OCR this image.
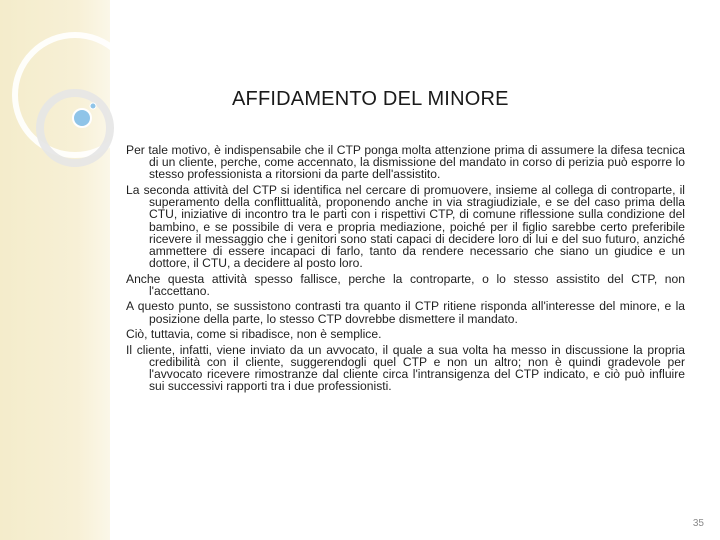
AFFIDAMENTO DEL MINORE

Per tale motivo, è indispensabile che il CTP ponga molta attenzione prima di assumere la difesa tecnica di un cliente, perche, come accennato, la dismissione del mandato in corso di perizia può esporre lo stesso professionista a ritorsioni da parte dell'assistito.

La seconda attività del CTP si identifica nel cercare di promuovere, insieme al collega di controparte, il superamento della conflittualità, proponendo anche in via stragiudiziale, e se del caso prima della CTU, iniziative di incontro tra le parti con i rispettivi CTP, di comune riflessione sulla condizione del bambino, e se possibile di vera e propria mediazione, poiché per il figlio sarebbe certo preferibile ricevere il messaggio che i genitori sono stati capaci di decidere loro di lui e del suo futuro, anziché ammettere di essere incapaci di farlo, tanto da rendere necessario che siano un giudice e un dottore, il CTU, a decidere al posto loro.

Anche questa attività spesso fallisce, perche la controparte, o lo stesso assistito del CTP, non l'accettano.

A questo punto, se sussistono contrasti tra quanto il CTP ritiene risponda all'interesse del minore, e la posizione della parte, lo stesso CTP dovrebbe dismettere il mandato.

Ciò, tuttavia, come si ribadisce, non è semplice.

Il cliente, infatti, viene inviato da un avvocato, il quale a sua volta ha messo in discussione la propria credibilità con il cliente, suggerendogli quel CTP e non un altro; non è quindi gradevole per l'avvocato ricevere rimostranze dal cliente circa l'intransigenza del CTP indicato, e ciò può influire sui successivi rapporti tra i due professionisti.

35
